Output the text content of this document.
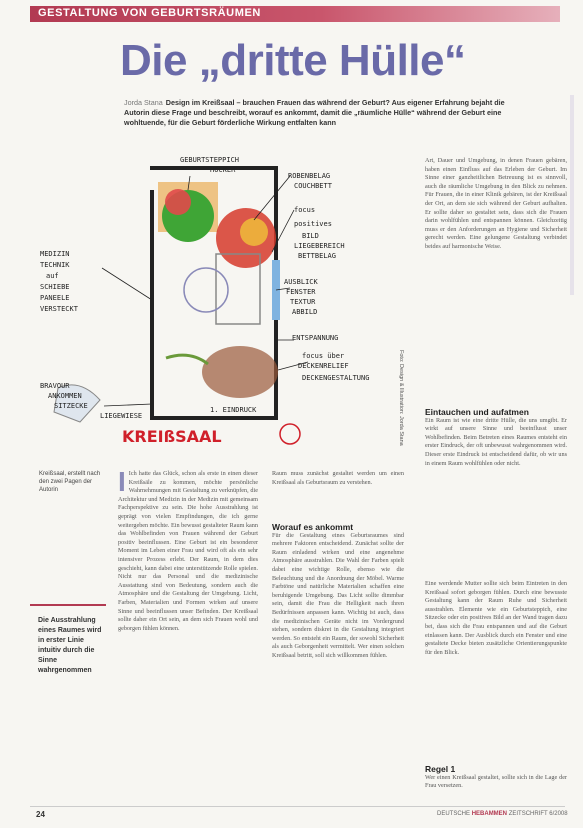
GESTALTUNG VON GEBURTSRÄUMEN
Die „dritte Hülle“
Jorda Stana Design im Kreißsaal – brauchen Frauen das während der Geburt? Aus eigener Erfahrung bejaht die Autorin diese Frage und beschreibt, worauf es ankommt, damit die „räumliche Hülle“ während der Geburt eine wohltuende, für die Geburt förderliche Wirkung entfalten kann
GEBURTSTEPPICH
HOCKER
ROBENBELAG
COUCHBETT
focus
positives
BILD
LIEGEBEREICH
BETTBELAG
MEDIZIN
TECHNIK
auf
SCHIEBE
PANEELE
VERSTECKT
AUSBLICK
FENSTER
TEXTUR
ABBILD
ENTSPANNUNG
focus über
DECKENRELIEF
DECKENGESTALTUNG
BRAVOUR
ANKOMMEN
SITZECKE
LIEGEWIESE
1. EINDRUCK
KREIßSAAL	Foto: Design & Illustration: Jorda Stana
Kreißsaal, erstellt nach den zwei Pagen der Autorin
Die Ausstrahlung eines Raumes wird in erster Linie intuitiv durch die Sinne wahrgenommen
I Ich hatte das Glück, schon als erste in einen dieser Kreißsäle zu kommen, möchte persönliche Wahrnehmungen mit Gestaltung zu verknüpfen, die Architektur und Medizin in der Medizin mit gemeinsam Fachperspektive zu sein. Die hohe Ausstrahlung ist geprägt von vielen Empfindungen, die ich gerne weitergeben möchte. Ein bewusst gestalteter Raum kann das Wohlbefinden von Frauen während der Geburt positiv beeinflussen. Eine Geburt ist ein besonderer Moment im Leben einer Frau und wird oft als ein sehr intensiver Prozess erlebt. Der Raum, in dem dies geschieht, kann dabei eine unterstützende Rolle spielen. Nicht nur das Personal und die medizinische Ausstattung sind von Bedeutung, sondern auch die Atmosphäre und die Gestaltung der Umgebung. Licht, Farben, Materialien und Formen wirken auf unsere Sinne und beeinflussen unser Befinden. Der Kreißsaal sollte daher ein Ort sein, an dem sich Frauen wohl und geborgen fühlen können.
Raum muss zunächst gestaltet werden um einen Kreißsaal als Geburtsraum zu verstehen.
Worauf es ankommt
Für die Gestaltung eines Geburtsraumes sind mehrere Faktoren entscheidend. Zunächst sollte der Raum einladend wirken und eine angenehme Atmosphäre ausstrahlen. Die Wahl der Farben spielt dabei eine wichtige Rolle, ebenso wie die Beleuchtung und die Anordnung der Möbel. Warme Farbtöne und natürliche Materialien schaffen eine beruhigende Umgebung. Das Licht sollte dimmbar sein, damit die Frau die Helligkeit nach ihren Bedürfnissen anpassen kann. Wichtig ist auch, dass die medizinischen Geräte nicht im Vordergrund stehen, sondern diskret in die Gestaltung integriert werden. So entsteht ein Raum, der sowohl Sicherheit als auch Geborgenheit vermittelt. Wer einen solchen Kreißsaal betritt, soll sich willkommen fühlen.
Art, Dauer und Umgebung, in denen Frauen gebären, haben einen Einfluss auf das Erleben der Geburt. Im Sinne einer ganzheitlichen Betreuung ist es sinnvoll, auch die räumliche Umgebung in den Blick zu nehmen. Für Frauen, die in einer Klinik gebären, ist der Kreißsaal der Ort, an dem sie sich während der Geburt aufhalten. Er sollte daher so gestaltet sein, dass sich die Frauen darin wohlfühlen und entspannen können. Gleichzeitig muss er den Anforderungen an Hygiene und Sicherheit gerecht werden. Eine gelungene Gestaltung verbindet beides auf harmonische Weise.
Eintauchen und aufatmen
Ein Raum ist wie eine dritte Hülle, die uns umgibt. Er wirkt auf unsere Sinne und beeinflusst unser Wohlbefinden. Beim Betreten eines Raumes entsteht ein erster Eindruck, der oft unbewusst wahrgenommen wird. Dieser erste Eindruck ist entscheidend dafür, ob wir uns in einem Raum wohlfühlen oder nicht.
Eine werdende Mutter sollte sich beim Eintreten in den Kreißsaal sofort geborgen fühlen. Durch eine bewusste Gestaltung kann der Raum Ruhe und Sicherheit ausstrahlen. Elemente wie ein Geburtsteppich, eine Sitzecke oder ein positives Bild an der Wand tragen dazu bei, dass sich die Frau entspannen und auf die Geburt einlassen kann. Der Ausblick durch ein Fenster und eine gestaltete Decke bieten zusätzliche Orientierungspunkte für den Blick.
Regel 1
Wer einen Kreißsaal gestaltet, sollte sich in die Lage der Frau versetzen.
24	DEUTSCHE HEBAMMEN ZEITSCHRIFT 6/2008
